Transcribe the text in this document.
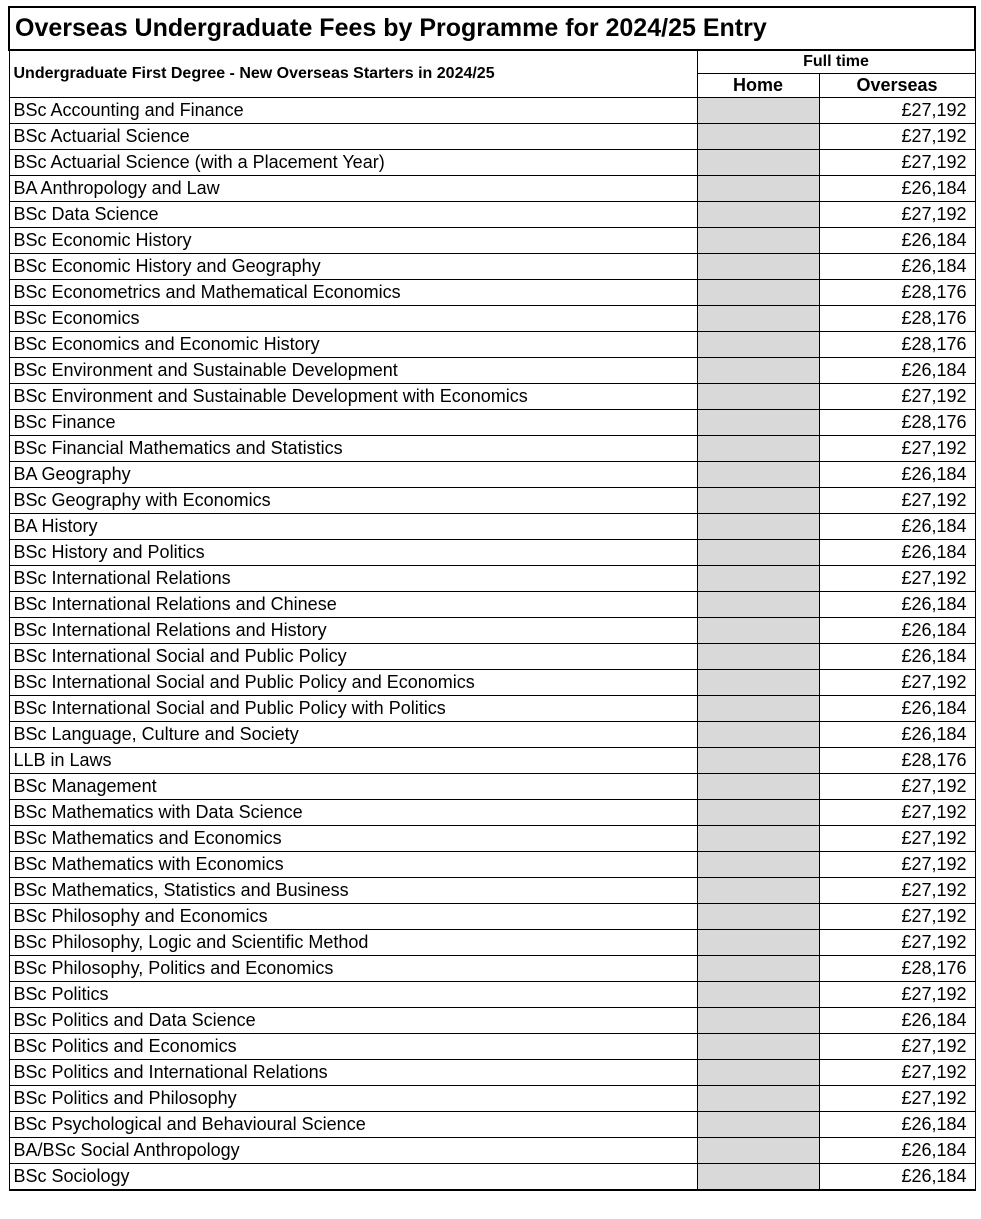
Overseas Undergraduate Fees by Programme for 2024/25 Entry		
Undergraduate First Degree - New Overseas Starters in 2024/25	Full time	
	Home	Overseas
BSc Accounting and Finance		£27,192
BSc Actuarial Science		£27,192
BSc Actuarial Science (with a Placement Year)		£27,192
BA Anthropology and Law		£26,184
BSc Data Science		£27,192
BSc Economic History		£26,184
BSc Economic History and Geography		£26,184
BSc Econometrics and Mathematical Economics		£28,176
BSc Economics		£28,176
BSc Economics and Economic History		£28,176
BSc Environment and Sustainable Development		£26,184
BSc Environment and Sustainable Development with Economics		£27,192
BSc Finance		£28,176
BSc Financial Mathematics and Statistics		£27,192
BA Geography		£26,184
BSc Geography with Economics		£27,192
BA History		£26,184
BSc History and Politics		£26,184
BSc International Relations		£27,192
BSc International Relations and Chinese		£26,184
BSc International Relations and History		£26,184
BSc International Social and Public Policy		£26,184
BSc International Social and Public Policy and Economics		£27,192
BSc International Social and Public Policy with Politics		£26,184
BSc Language, Culture and Society		£26,184
LLB in Laws		£28,176
BSc Management		£27,192
BSc Mathematics with Data Science		£27,192
BSc Mathematics and Economics		£27,192
BSc Mathematics with Economics		£27,192
BSc Mathematics, Statistics and Business		£27,192
BSc Philosophy and Economics		£27,192
BSc Philosophy, Logic and Scientific Method		£27,192
BSc Philosophy, Politics and Economics		£28,176
BSc Politics		£27,192
BSc Politics and Data Science		£26,184
BSc Politics and Economics		£27,192
BSc Politics and International Relations		£27,192
BSc Politics and Philosophy		£27,192
BSc Psychological and Behavioural Science		£26,184
BA/BSc Social Anthropology		£26,184
BSc Sociology		£26,184
